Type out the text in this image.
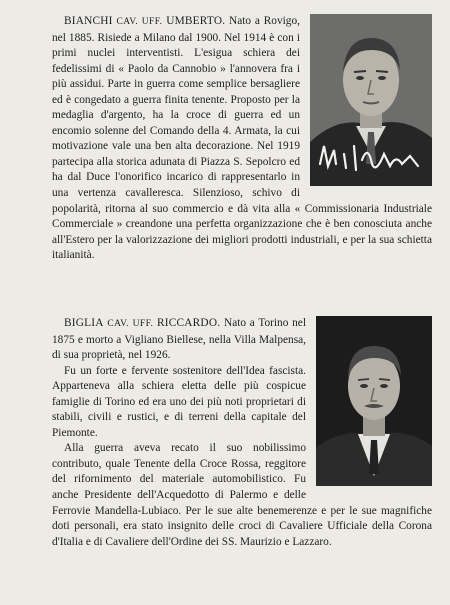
BIANCHI CAV. UFF. UMBERTO. Nato a Rovigo, nel 1885. Risiede a Milano dal 1900. Nel 1914 è con i primi nuclei interventisti. L'esigua schiera dei fedelissimi di « Paolo da Cannobio » l'annovera fra i più assidui. Parte in guerra come semplice bersagliere ed è congedato a guerra finita tenente. Proposto per la medaglia d'argento, ha la croce di guerra ed un encomio solenne del Comando della 4. Armata, la cui motivazione vale una ben alta decorazione. Nel 1919 partecipa alla storica adunata di Piazza S. Sepolcro ed ha dal Duce l'onorifico incarico di rappresentarlo in una vertenza cavalleresca. Silenzioso, schivo di popolarità, ritorna al suo commercio e dà vita alla « Commissionaria Industriale Commerciale » creandone una perfetta organizzazione che è ben conosciuta anche all'Estero per la valorizzazione dei migliori prodotti industriali, e per la sua schietta italianità.

BIGLIA CAV. UFF. RICCARDO. Nato a Torino nel 1875 e morto a Vigliano Biellese, nella Villa Malpensa, di sua proprietà, nel 1926.

Fu un forte e fervente sostenitore dell'Idea fascista. Apparteneva alla schiera eletta delle più cospicue famiglie di Torino ed era uno dei più noti proprietari di stabili, civili e rustici, e di terreni della capitale del Piemonte.

Alla guerra aveva recato il suo nobilissimo contributo, quale Tenente della Croce Rossa, reggitore del rifornimento del materiale automobilistico. Fu anche Presidente dell'Acquedotto di Palermo e delle Ferrovie Mandella-Lubiaco. Per le sue alte benemerenze e per le sue magnifiche doti personali, era stato insignito delle croci di Cavaliere Ufficiale della Corona d'Italia e di Cavaliere dell'Ordine dei SS. Maurizio e Lazzaro.
